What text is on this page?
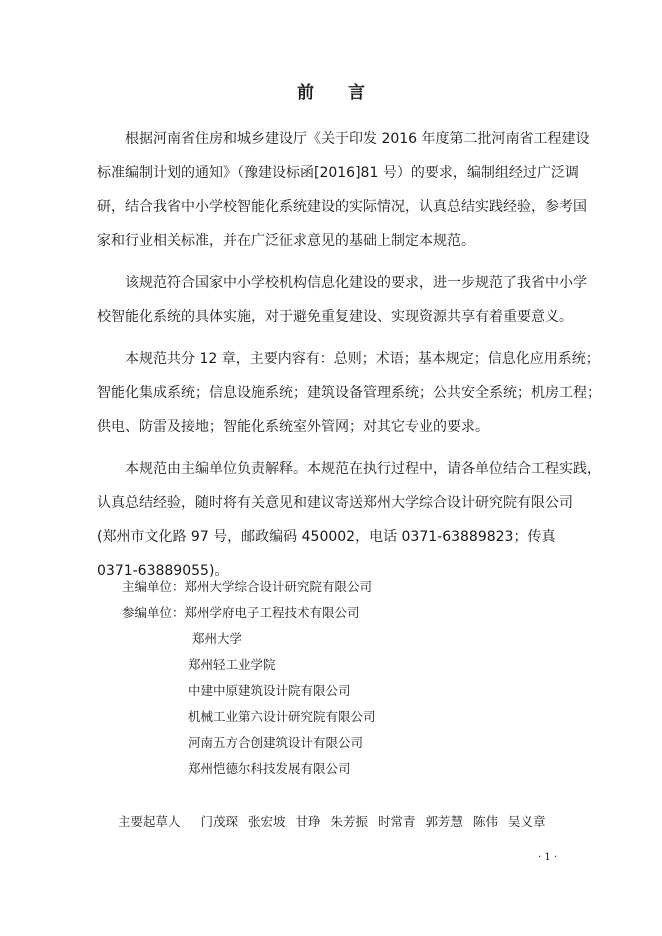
前 言

根据河南省住房和城乡建设厅《关于印发 2016 年度第二批河南省工程建设
标准编制计划的通知》（豫建设标函[2016]81 号）的要求，编制组经过广泛调
研，结合我省中小学校智能化系统建设的实际情况，认真总结实践经验，参考国
家和行业相关标准，并在广泛征求意见的基础上制定本规范。

该规范符合国家中小学校机构信息化建设的要求，进一步规范了我省中小学
校智能化系统的具体实施，对于避免重复建设、实现资源共享有着重要意义。

本规范共分 12 章，主要内容有：总则；术语；基本规定；信息化应用系统；
智能化集成系统；信息设施系统；建筑设备管理系统；公共安全系统；机房工程；
供电、防雷及接地；智能化系统室外管网；对其它专业的要求。

本规范由主编单位负责解释。本规范在执行过程中，请各单位结合工程实践，
认真总结经验，随时将有关意见和建议寄送郑州大学综合设计研究院有限公司
(郑州市文化路 97 号，邮政编码 450002，电话 0371-63889823；传真
0371-63889055)。

主编单位：郑州大学综合设计研究院有限公司
参编单位：郑州学府电子工程技术有限公司
郑州大学
郑州轻工业学院
中建中原建筑设计院有限公司
机械工业第六设计研究院有限公司
河南五方合创建筑设计有限公司
郑州恺德尔科技发展有限公司
主要起草人 门茂琛 张宏坡 甘琤 朱芳振 时常青 郭芳慧 陈伟 吴义章
· 1 ·
